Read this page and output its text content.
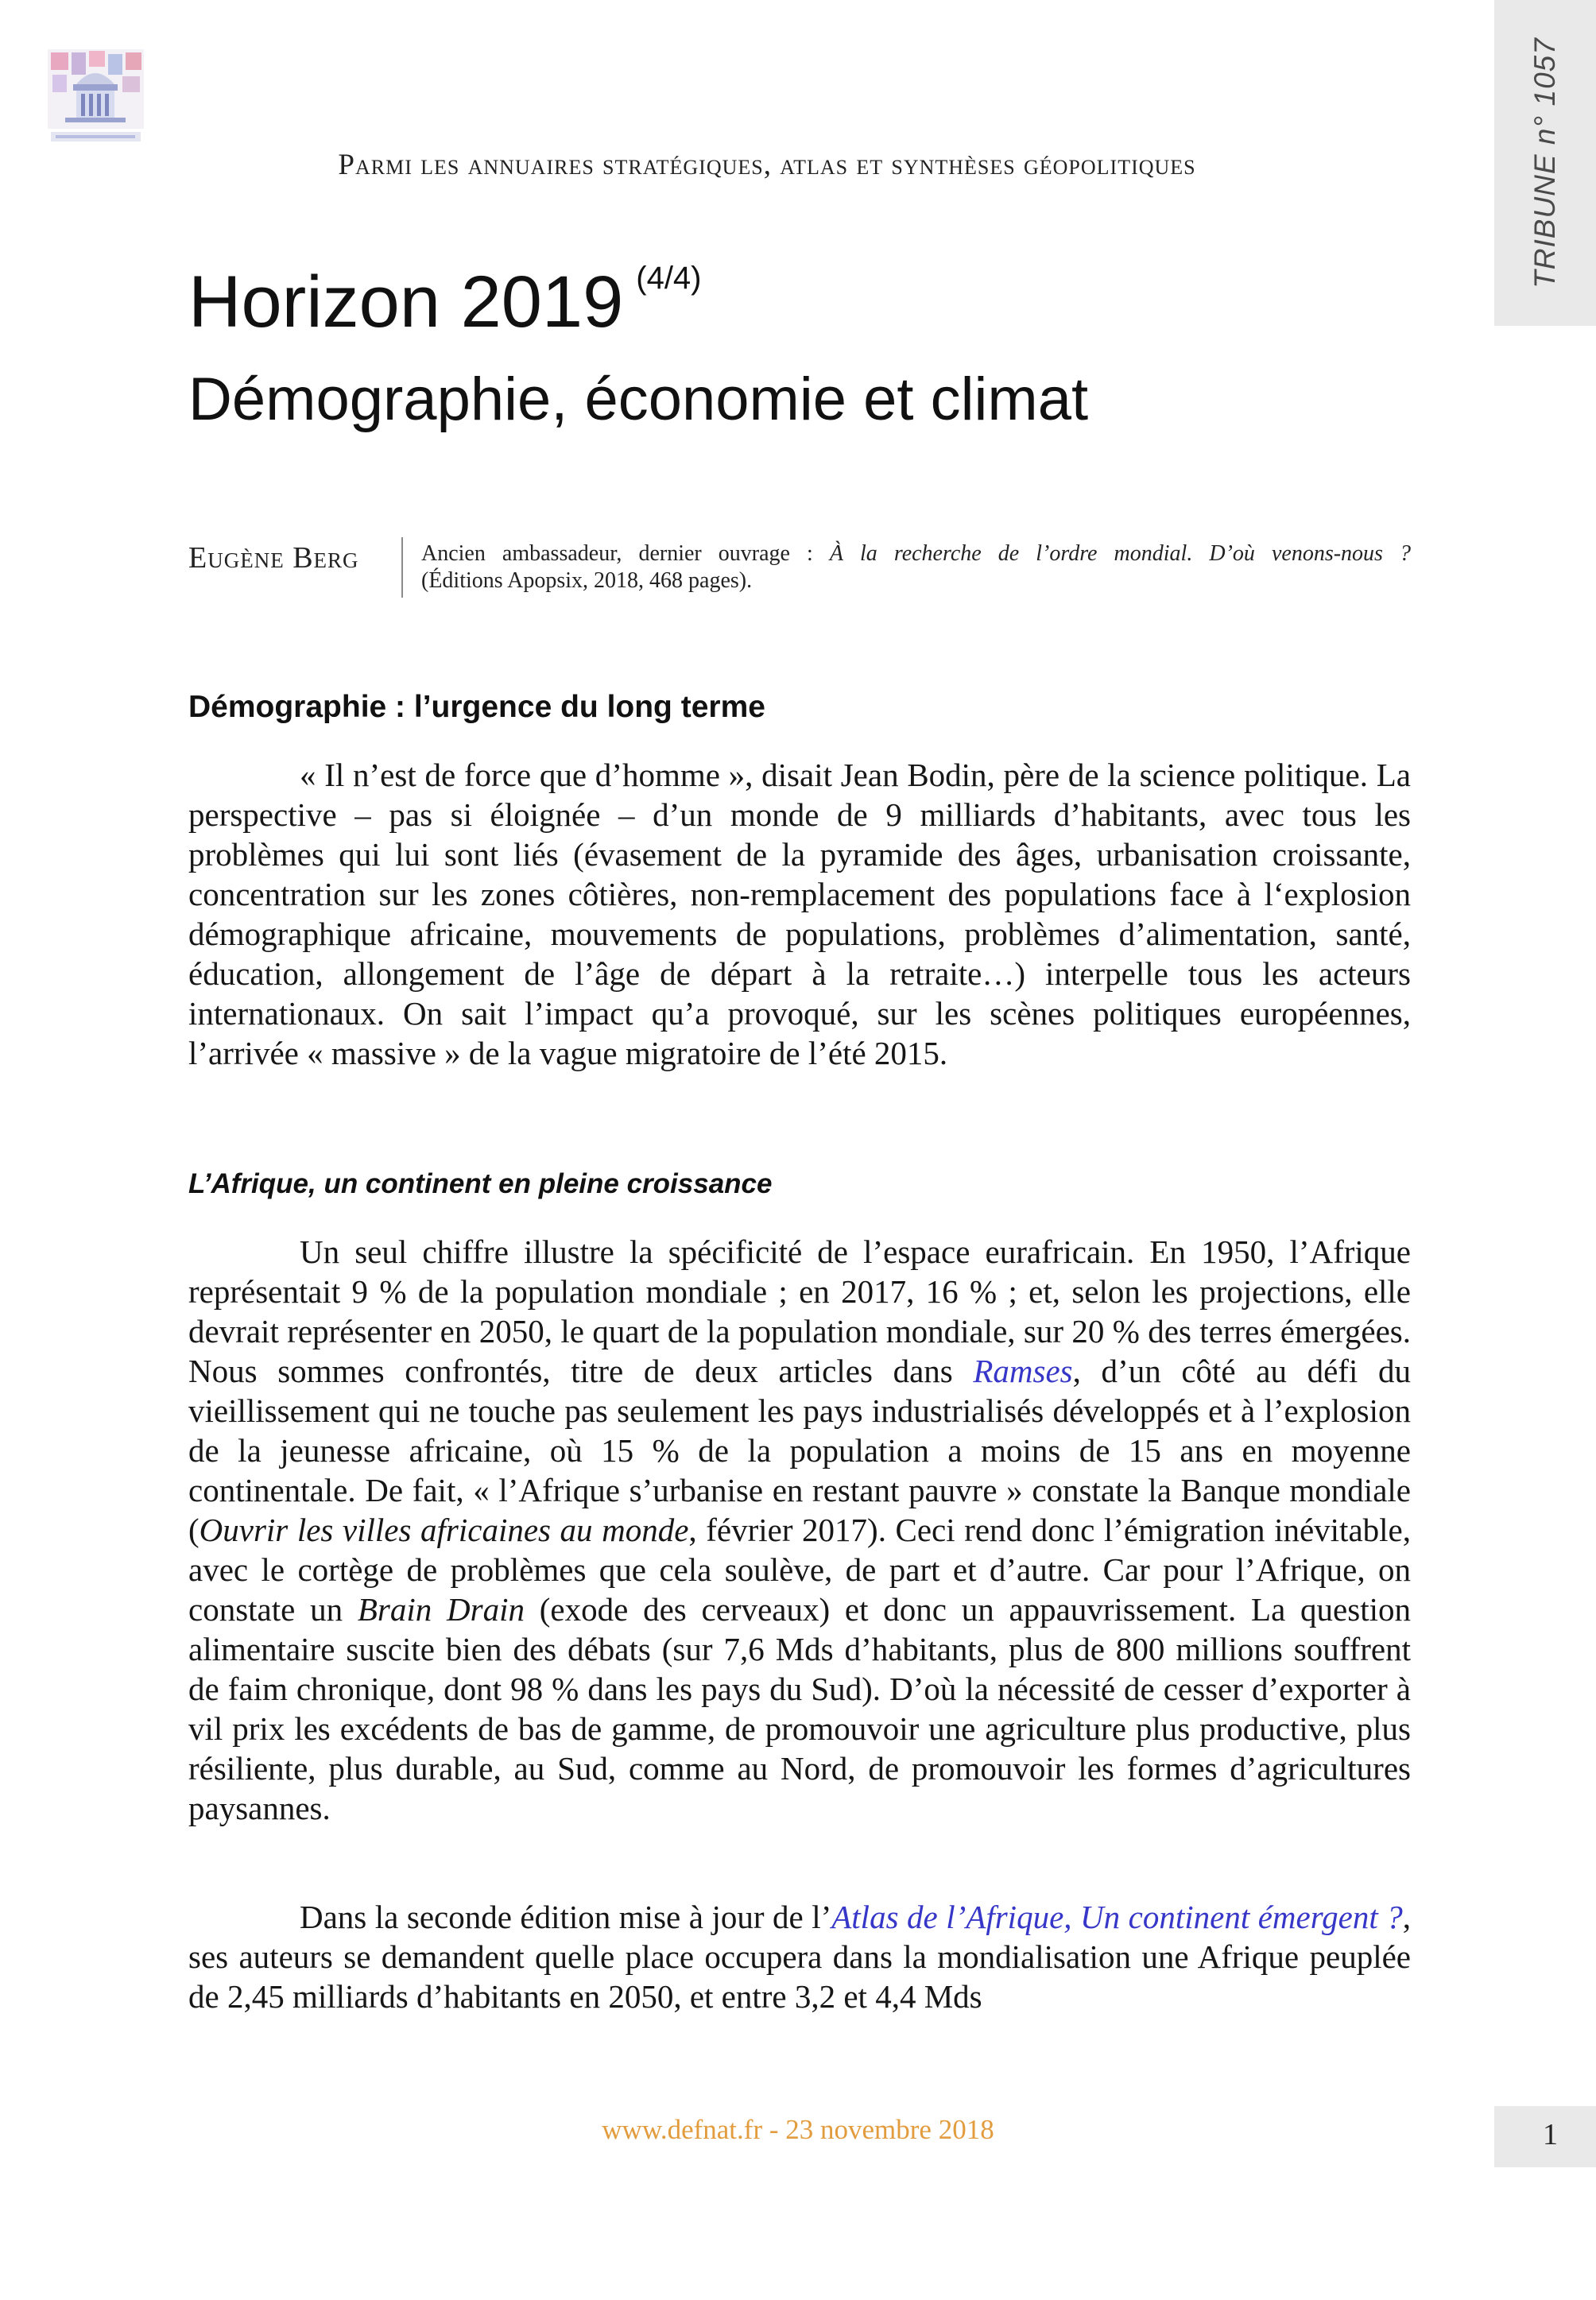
TRIBUNE n° 1057
Parmi les annuaires stratégiques, atlas et synthèses géopolitiques
Horizon 2019 $^{(4/4)}$
Démographie, économie et climat
Eugène Berg	Ancien ambassadeur, dernier ouvrage : À la recherche de l’ordre mondial. D’où venons-nous ?
(Éditions Apopsix, 2018, 468 pages).
Démographie : l’urgence du long terme

« Il n’est de force que d’homme », disait Jean Bodin, père de la science politique. La perspective – pas si éloignée – d’un monde de 9 milliards d’habitants, avec tous les problèmes qui lui sont liés (évasement de la pyramide des âges, urbanisation croissante, concentration sur les zones côtières, non-remplacement des populations face à l‘explosion démographique africaine, mouvements de populations, problèmes d’alimentation, santé, éducation, allongement de l’âge de départ à la retraite…) interpelle tous les acteurs internationaux. On sait l’impact qu’a provoqué, sur les scènes politiques européennes, l’arrivée « massive » de la vague migratoire de l’été 2015.

L’Afrique, un continent en pleine croissance

Un seul chiffre illustre la spécificité de l’espace eurafricain. En 1950, l’Afrique représentait 9 % de la population mondiale ; en 2017, 16 % ; et, selon les projections, elle devrait représenter en 2050, le quart de la population mondiale, sur 20 % des terres émergées. Nous sommes confrontés, titre de deux articles dans Ramses, d’un côté au défi du vieillissement qui ne touche pas seulement les pays industrialisés développés et à l’explosion de la jeunesse africaine, où 15 % de la population a moins de 15 ans en moyenne continentale. De fait, « l’Afrique s’urbanise en restant pauvre » constate la Banque mondiale (Ouvrir les villes africaines au monde, février 2017). Ceci rend donc l’émigration inévitable, avec le cortège de problèmes que cela soulève, de part et d’autre. Car pour l’Afrique, on constate un Brain Drain (exode des cerveaux) et donc un appauvrissement. La question alimentaire suscite bien des débats (sur 7,6 Mds d’habitants, plus de 800 millions souffrent de faim chronique, dont 98 % dans les pays du Sud). D’où la nécessité de cesser d’exporter à vil prix les excédents de bas de gamme, de promouvoir une agriculture plus productive, plus résiliente, plus durable, au Sud, comme au Nord, de promouvoir les formes d’agricultures paysannes.

Dans la seconde édition mise à jour de l’Atlas de l’Afrique, Un continent émergent ?, ses auteurs se demandent quelle place occupera dans la mondialisation une Afrique peuplée de 2,45 milliards d’habitants en 2050, et entre 3,2 et 4,4 Mds

www.defnat.fr - 23 novembre 2018	1
